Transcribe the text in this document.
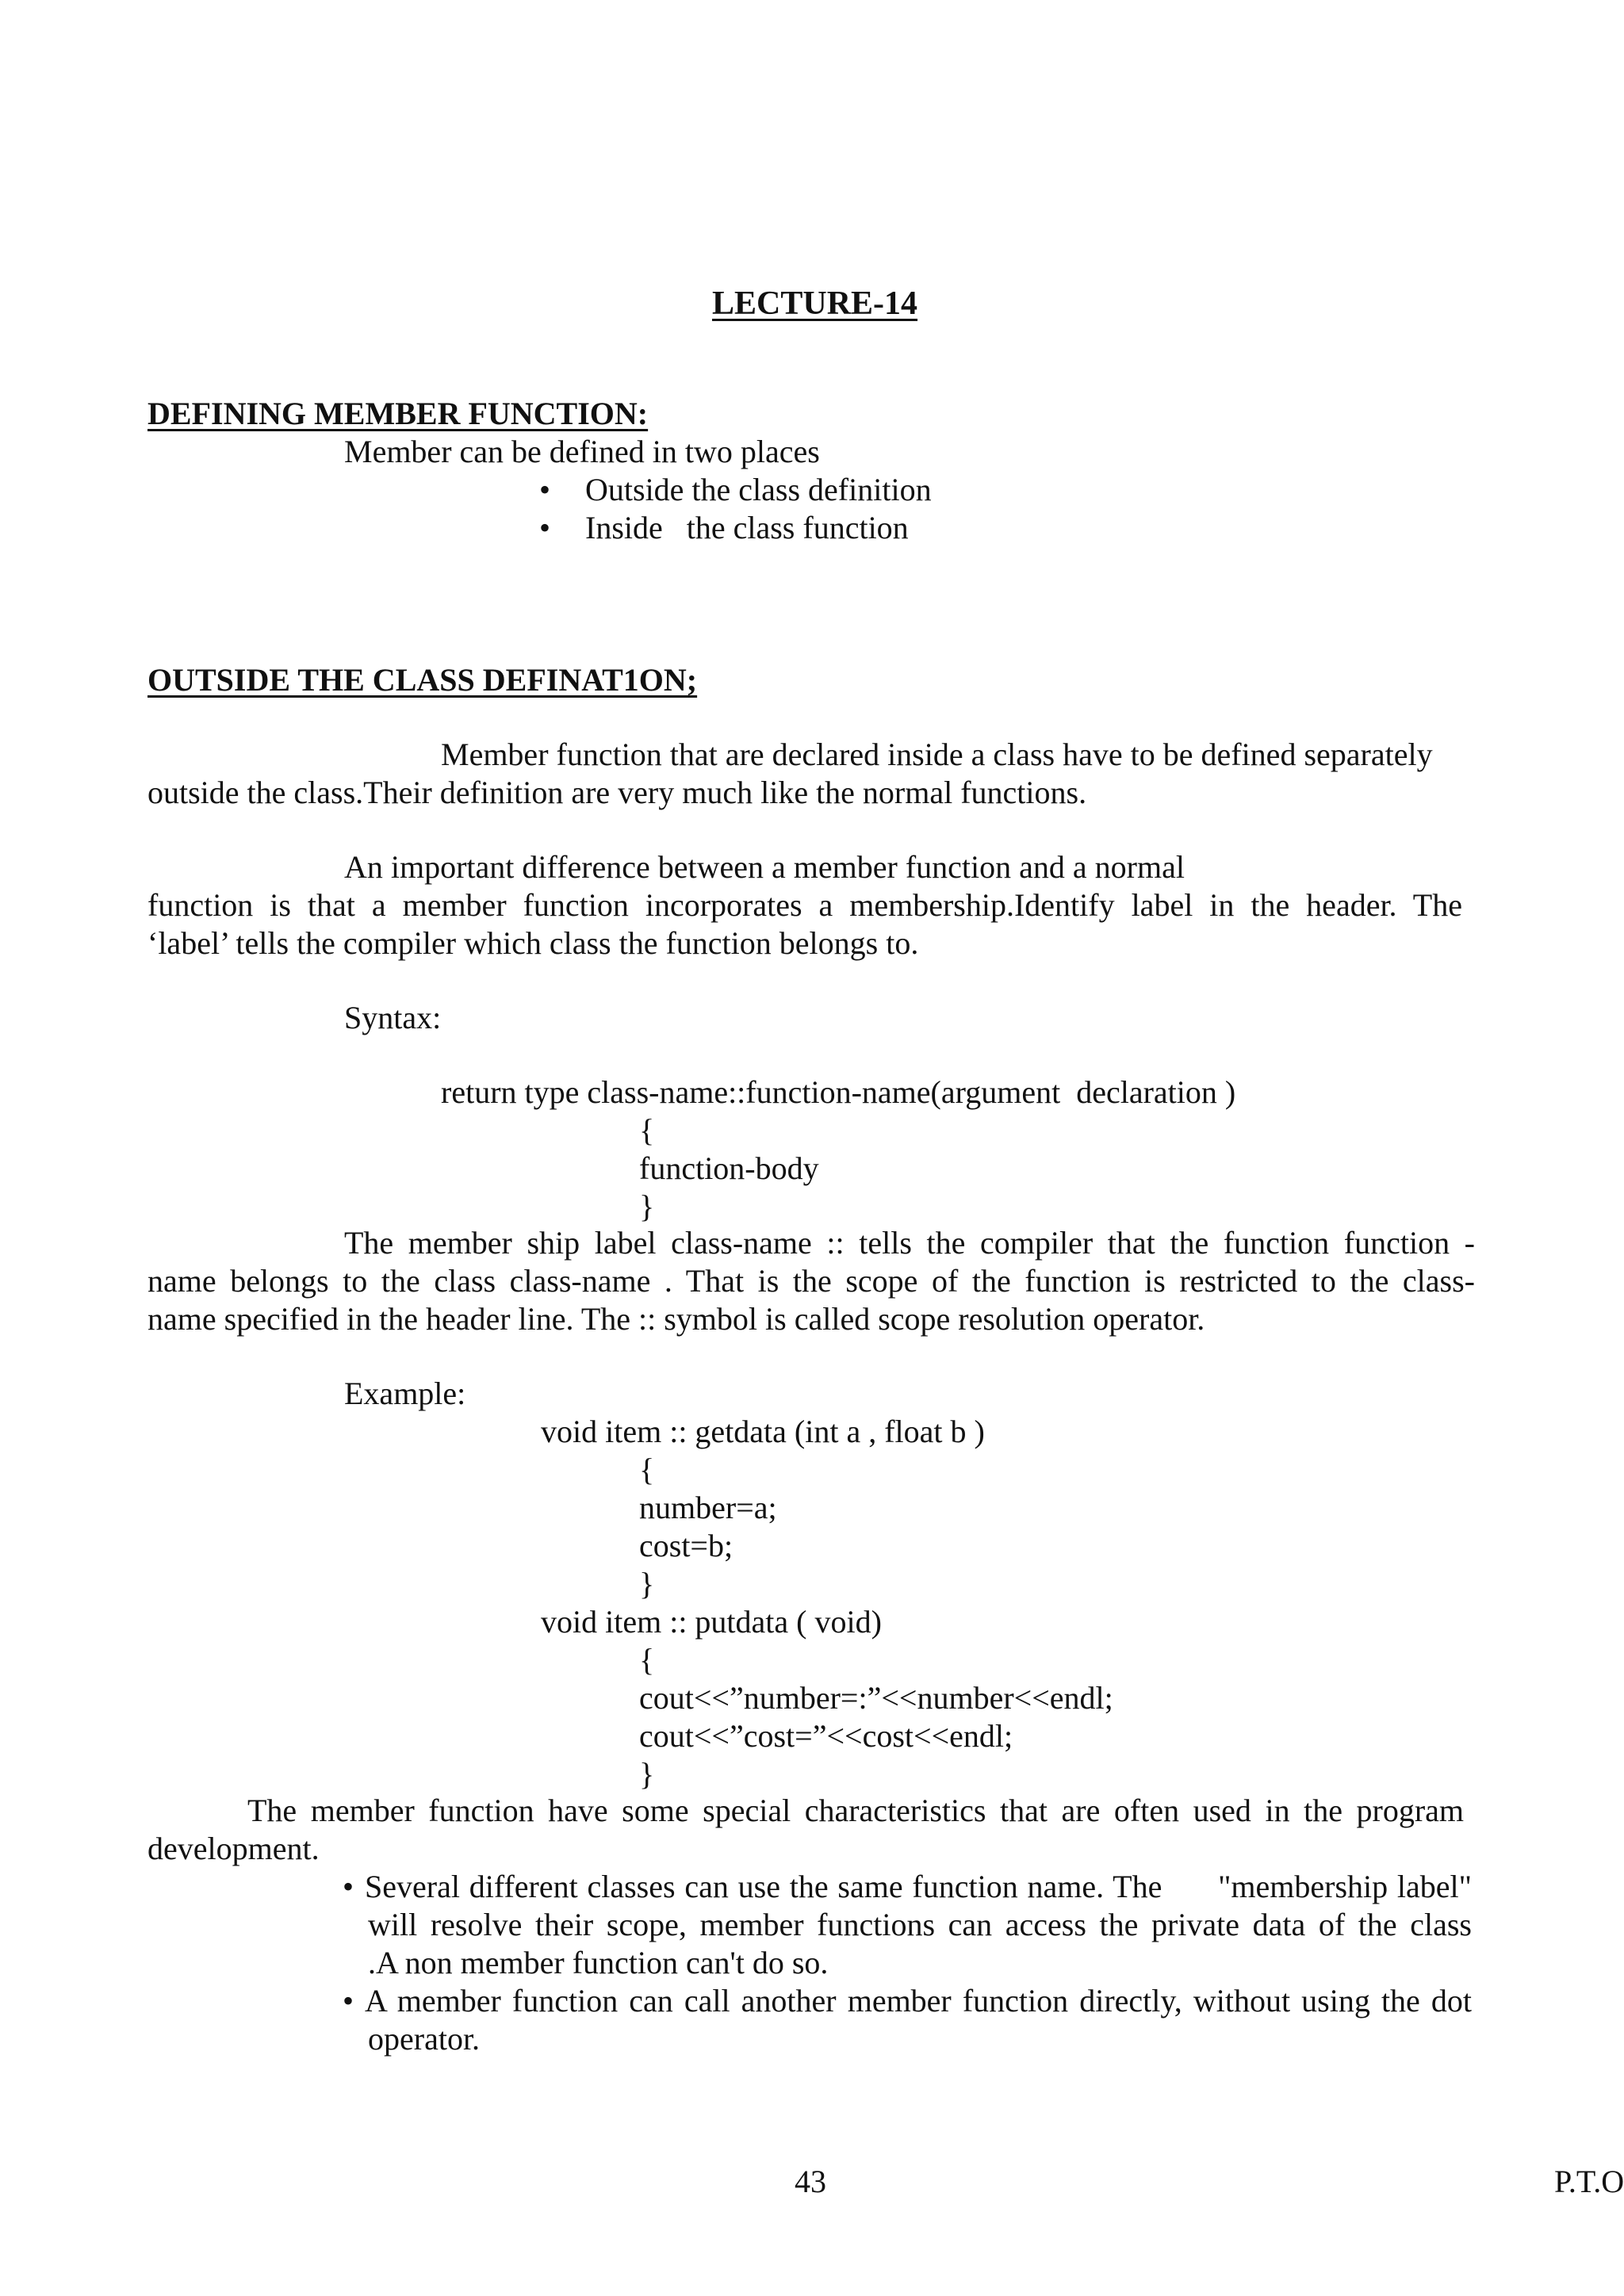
LECTURE-14
DEFINING MEMBER FUNCTION:
Member can be defined in two places
• Outside the class definition
• Inside   the class function
OUTSIDE THE CLASS DEFINAT1ON;
Member function that are declared inside a class have to be defined separately
outside the class.Their definition are very much like the normal functions.
An important difference between a member function and a normal
function is that a member function incorporates a membership.Identify label in the header. The
‘label’ tells the compiler which class the function belongs to.
Syntax:
return type class-name::function-name(argument  declaration )
{
function-body
}
The member ship label class-name :: tells the compiler that the function function -
name belongs to the class class-name . That is the scope of the function is restricted to the class-
name specified in the header line. The :: symbol is called scope resolution operator.
Example:
void item :: getdata (int a , float b )
{
number=a;
cost=b;
}
void item :: putdata ( void)
{
cout<<”number=:”<<number<<endl;
cout<<”cost=”<<cost<<endl;
}
The member function have some special characteristics that are often used in the program
development.
• Several different classes can use the same function name. The      "membership label"
will resolve their scope, member functions can access the private data of the class
.A non member function can't do so.
• A member function can call another member function directly, without using the dot
operator.
43	P.T.O
